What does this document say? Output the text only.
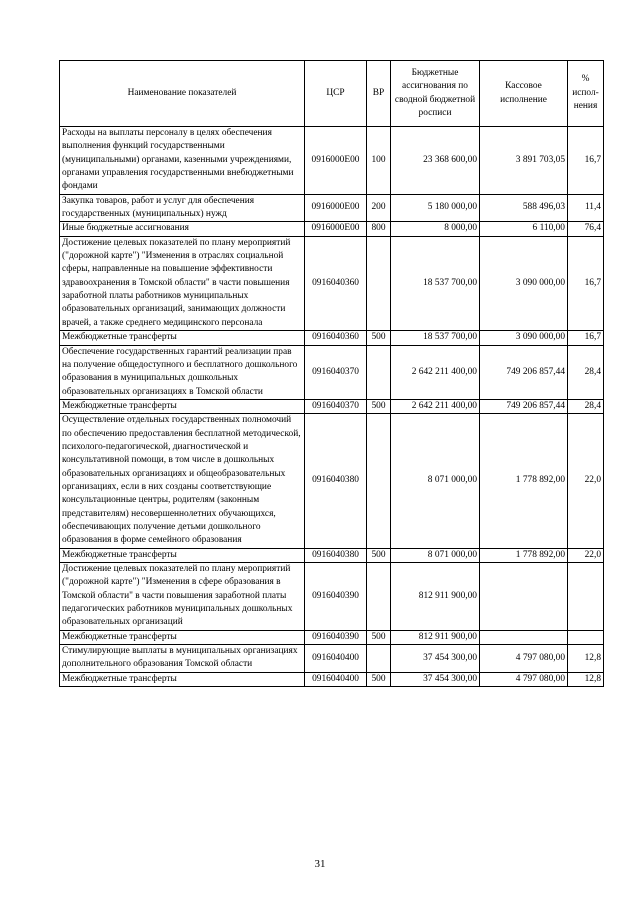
Наименование показателей	ЦСР	ВР	Бюджетные ассигнования по сводной бюджетной росписи	Кассовое исполнение	% испол-нения
Расходы на выплаты персоналу в целях обеспечения выполнения функций государственными (муниципальными) органами, казенными учреждениями, органами управления государственными внебюджетными фондами	0916000Е00	100	23 368 600,00	3 891 703,05	16,7
Закупка товаров, работ и услуг для обеспечения государственных (муниципальных) нужд	0916000Е00	200	5 180 000,00	588 496,03	11,4
Иные бюджетные ассигнования	0916000Е00	800	8 000,00	6 110,00	76,4
Достижение целевых показателей по плану мероприятий ("дорожной карте") "Изменения в отраслях социальной сферы, направленные на повышение эффективности здравоохранения в Томской области" в части повышения заработной платы работников муниципальных образовательных организаций, занимающих должности врачей, а также среднего медицинского персонала	0916040360		18 537 700,00	3 090 000,00	16,7
Межбюджетные трансферты	0916040360	500	18 537 700,00	3 090 000,00	16,7
Обеспечение государственных гарантий реализации прав на получение общедоступного и бесплатного дошкольного образования в муниципальных дошкольных образовательных организациях в Томской области	0916040370		2 642 211 400,00	749 206 857,44	28,4
Межбюджетные трансферты	0916040370	500	2 642 211 400,00	749 206 857,44	28,4
Осуществление отдельных государственных полномочий по обеспечению предоставления бесплатной методической, психолого-педагогической, диагностической и консультативной помощи, в том числе в дошкольных образовательных организациях и общеобразовательных организациях, если в них созданы соответствующие консультационные центры, родителям (законным представителям) несовершеннолетних обучающихся, обеспечивающих получение детьми дошкольного образования в форме семейного образования	0916040380		8 071 000,00	1 778 892,00	22,0
Межбюджетные трансферты	0916040380	500	8 071 000,00	1 778 892,00	22,0
Достижение целевых показателей по плану мероприятий ("дорожной карте") "Изменения в сфере образования в Томской области" в части повышения заработной платы педагогических работников муниципальных дошкольных образовательных организаций	0916040390		812 911 900,00		
Межбюджетные трансферты	0916040390	500	812 911 900,00		
Стимулирующие выплаты в муниципальных организациях дополнительного образования Томской области	0916040400		37 454 300,00	4 797 080,00	12,8
Межбюджетные трансферты	0916040400	500	37 454 300,00	4 797 080,00	12,8
31
